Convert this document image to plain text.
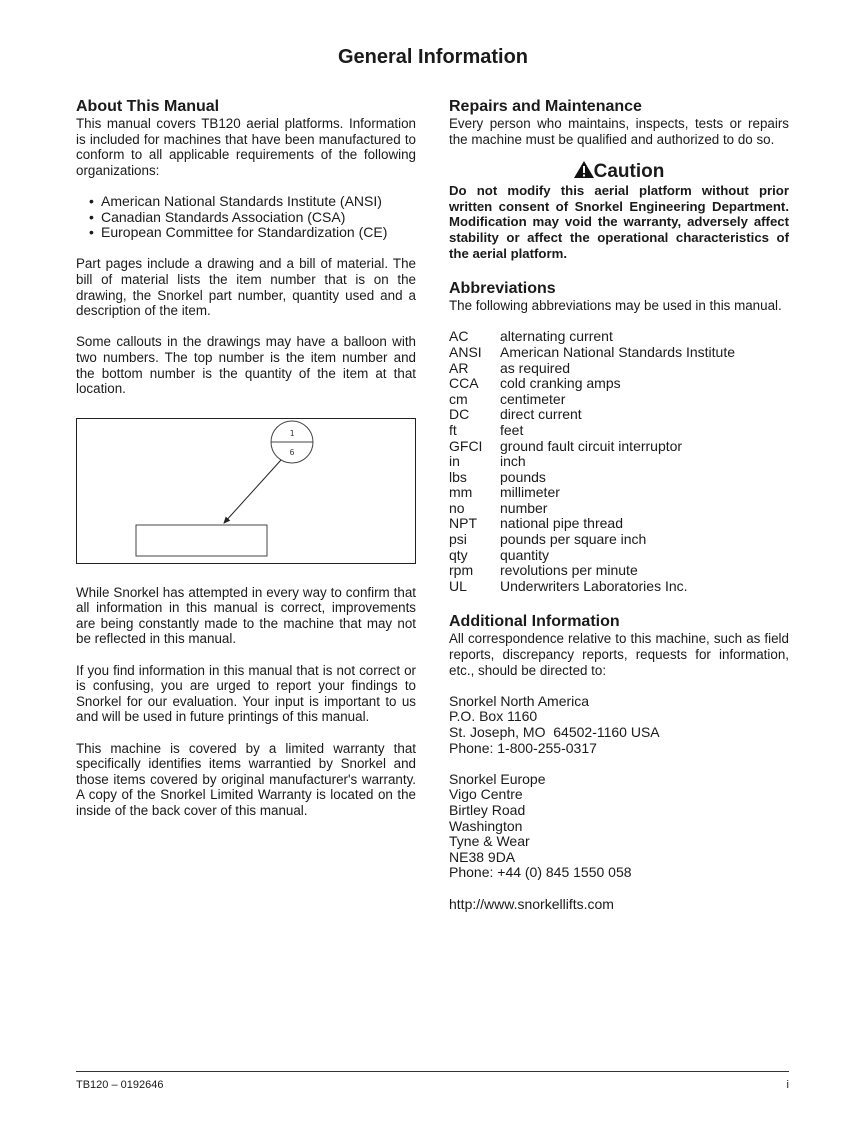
General Information
About This Manual

This manual covers TB120 aerial platforms. Information is included for machines that have been manufactured to conform to all applicable requirements of the following organizations:

• American National Standards Institute (ANSI)
• Canadian Standards Association (CSA)
• European Committee for Standardization (CE)

Part pages include a drawing and a bill of material. The bill of material lists the item number that is on the drawing, the Snorkel part number, quantity used and a description of the item.

Some callouts in the drawings may have a balloon with two numbers. The top number is the item number and the bottom number is the quantity of the item at that location.

1
6

While Snorkel has attempted in every way to confirm that all information in this manual is correct, improvements are being constantly made to the machine that may not be reflected in this manual.

If you find information in this manual that is not correct or is confusing, you are urged to report your findings to Snorkel for our evaluation. Your input is important to us and will be used in future printings of this manual.

This machine is covered by a limited warranty that specifically identifies items warrantied by Snorkel and those items covered by original manufacturer's warranty. A copy of the Snorkel Limited Warranty is located on the inside of the back cover of this manual.

Repairs and Maintenance

Every person who maintains, inspects, tests or repairs the machine must be qualified and authorized to do so.

Caution

Do not modify this aerial platform without prior written consent of Snorkel Engineering Department. Modification may void the warranty, adversely affect stability or affect the operational characteristics of the aerial platform.

Abbreviations

The following abbreviations may be used in this manual.

AC	alternating current
ANSI	American National Standards Institute
AR	as required
CCA	cold cranking amps
cm	centimeter
DC	direct current
ft	feet
GFCI	ground fault circuit interruptor
in	inch
lbs	pounds
mm	millimeter
no	number
NPT	national pipe thread
psi	pounds per square inch
qty	quantity
rpm	revolutions per minute
UL	Underwriters Laboratories Inc.
Additional Information

All correspondence relative to this machine, such as field reports, discrepancy reports, requests for information, etc., should be directed to:

Snorkel North America

P.O. Box 1160

St. Joseph, MO  64502-1160 USA

Phone: 1-800-255-0317

Snorkel Europe

Vigo Centre

Birtley Road

Washington

Tyne & Wear

NE38 9DA

Phone: +44 (0) 845 1550 058

http://www.snorkellifts.com

TB120 – 0192646	i
